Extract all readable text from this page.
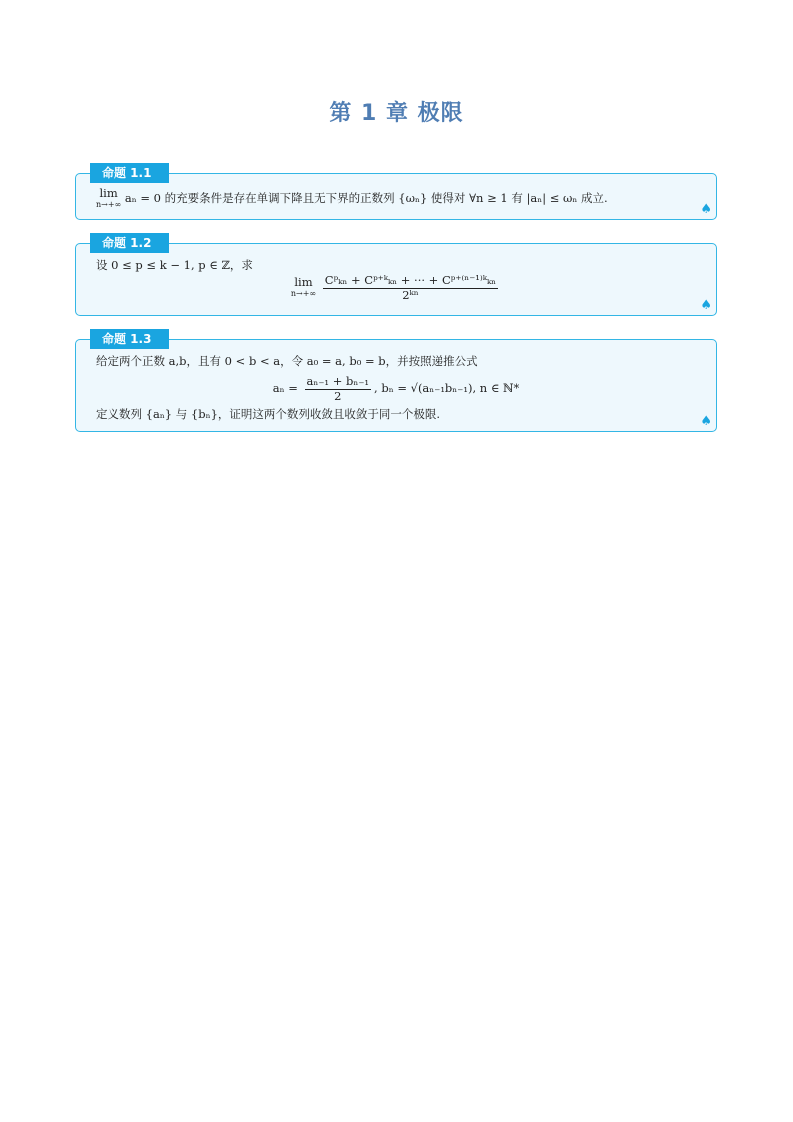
第 1 章 极限
命题 1.1
lim
n→+∞ aₙ = 0 的充要条件是存在单调下降且无下界的正数列 {ωₙ} 使得对 ∀n ≥ 1 有 |aₙ| ≤ ωₙ 成立.
♠
命题 1.2
设 0 ≤ p ≤ k − 1, p ∈ ℤ，求
lim
n→+∞
$\frac{\text{Cᵖₖₙ + Cᵖ⁺ᵏₖₙ + ··· + Cᵖ⁺⁽ⁿ⁻¹⁾ᵏₖₙ}}{\text{2ᵏⁿ}}$
♠
命题 1.3
给定两个正数 a,b，且有 0 < b < a，令 a₀ = a, b₀ = b，并按照递推公式
$a_n = \frac{\text{aₙ₋₁ + bₙ₋₁}}{2}$ , bₙ = √(aₙ₋₁bₙ₋₁), n ∈ ℕ*
定义数列 {aₙ} 与 {bₙ}，证明这两个数列收敛且收敛于同一个极限.	♠
